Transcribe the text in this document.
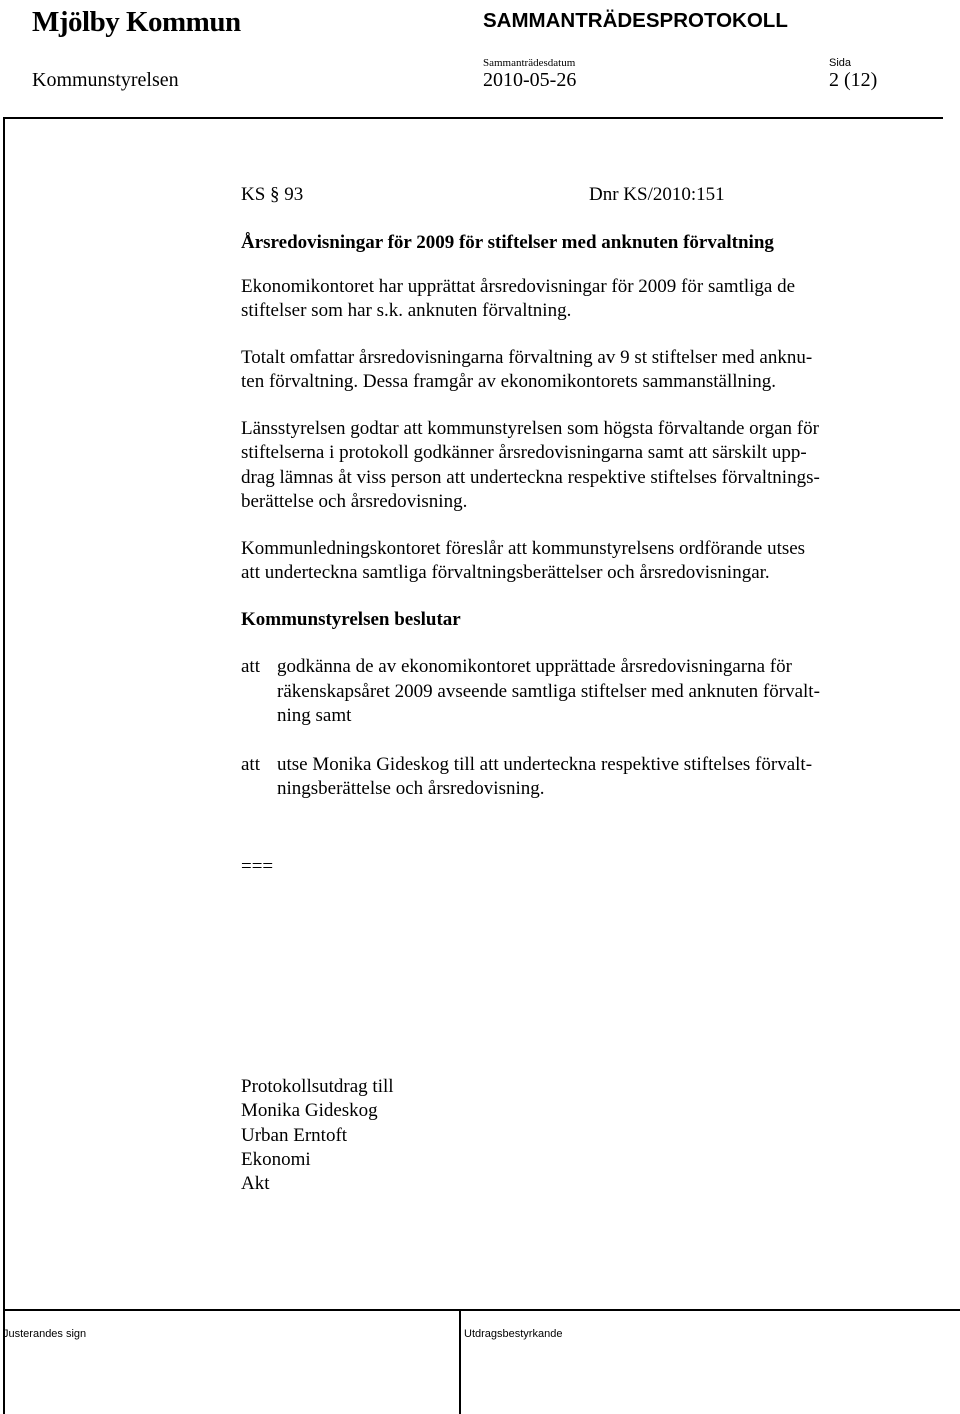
Mjölby Kommun	SAMMANTRÄDESPROTOKOLL
Sammanträdesdatum	Sida
Kommunstyrelsen	2010-05-26	2 (12)
KS § 93	Dnr KS/2010:151
Årsredovisningar för 2009 för stiftelser med anknuten förvaltning
Ekonomikontoret har upprättat årsredovisningar för 2009 för samtliga de
stiftelser som har s.k. anknuten förvaltning.
Totalt omfattar årsredovisningarna förvaltning av 9 st stiftelser med anknu-
ten förvaltning. Dessa framgår av ekonomikontorets sammanställning.
Länsstyrelsen godtar att kommunstyrelsen som högsta förvaltande organ för
stiftelserna i protokoll godkänner årsredovisningarna samt att särskilt upp-
drag lämnas åt viss person att underteckna respektive stiftelses förvaltnings-
berättelse och årsredovisning.
Kommunledningskontoret föreslår att kommunstyrelsens ordförande utses
att underteckna samtliga förvaltningsberättelser och årsredovisningar.
Kommunstyrelsen beslutar
att godkänna de av ekonomikontoret upprättade årsredovisningarna för
räkenskapsåret 2009 avseende samtliga stiftelser med anknuten förvalt-
ning samt
att utse Monika Gideskog till att underteckna respektive stiftelses förvalt-
ningsberättelse och årsredovisning.
===
Protokollsutdrag till
Monika Gideskog
Urban Erntoft
Ekonomi
Akt
Justerandes sign	Utdragsbestyrkande
